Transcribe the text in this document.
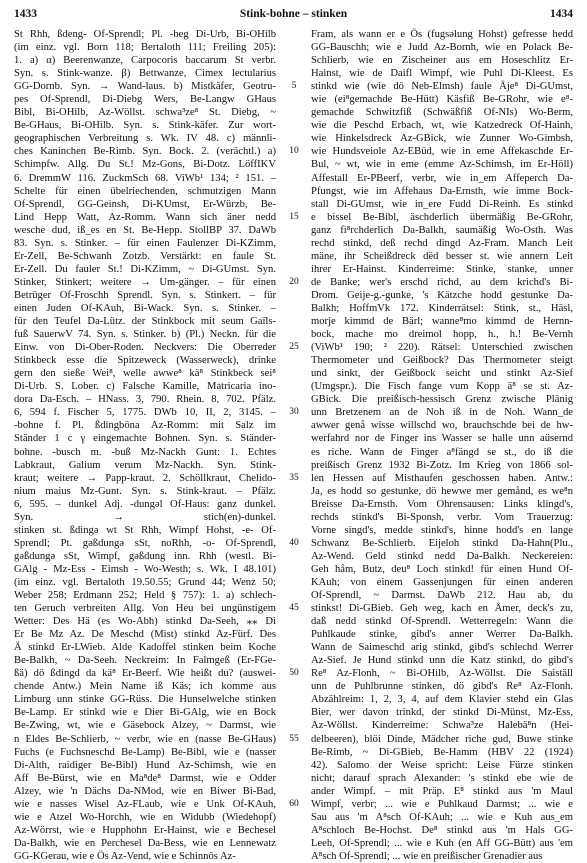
1433	Stink-bohne – stinken	1434
St Rhh, ßdeng- Of-Sprendl; Pl. -beg Di-Urb, Bi-OHilb
(im einz. vgl. Born 118; Bertaloth 111; Freiling 205):
1. a) α) Beerenwanze, Carpocoris baccarum St verbr.
Syn. s. Stink-wanze. β) Bettwanze, Cimex lectularius
GG-Dornb. Syn. → Wand-laus. b) Mistkäfer, Geotru-
pes Of-Sprendl, Di-Diebg Wers, Be-Langw GHaus
Bibl, Bi-OHilb, Az-Wöllst. schwa³ze⁸ St. Diebg, ~
Be-GHaus, Bi-OHilb. Syn. s. Stink-käfer. Zur wort-
geographischen Verbreitung s. Wk. IV 48. c) männli-
ches Kaninchen Be-Rimb. Syn. Bock. 2. (verächtl.) a)
Schimpfw. Allg. Du St.! Mz-Gons, Bi-Dotz. LöffIKV
6. DremmW 116. ZuckmSch 68. ViWb¹ 134; ² 151. –
Schelte für einen übelriechenden, schmutzigen Mann
Of-Sprendl, GG-Geinsh, Di-KUmst, Er-Würzb, Be-
Lind Hepp Watt, Az-Romm. Wann sich äner nedd
wesche dud, iß_es en St. Be-Hepp. StollBP 37. DaWb
83. Syn. s. Stinker. – für einen Faulenzer Di-KZimm,
Er-Zell, Be-Schwanh Zotzb. Verstärkt: en faule St.
Er-Zell. Du fauler St.! Di-KZimm, ~ Di-GUmst. Syn.
Stinker, Stinkert; weitere → Um-gänger. – für einen
Betrüger Of-Froschh Sprendl. Syn. s. Stinkert. – für
einen Juden Of-KAuh, Bi-Wack. Syn. s. Stinker. –
für den Teufel Da-Lütz. der Stinkbock mit seum Gaïls-
fuß SauerwV 74. Syn. s. Stinker. b) (Pl.) Neckn. für die
Einw. von Di-Ober-Roden. Neckvers: Die Oberreder
Stinkbeck esse die Spitzeweck (Wasserweck), drinke
gern den sieße Wei⁸, welle awwe⁸ kä⁸ Stinkbeck sei⁸
Di-Urb. S. Lober. c) Falsche Kamille, Matricaria ino-
dora Da-Esch. – HNass. 3, 790. Rhein. 8, 702. Pfälz.
6, 594 f. Fischer 5, 1775. DWb 10, II, 2, 3145. –
-bohne f. Pl. ßdingbönа Az-Romm: mit Salz im
Ständer 1 c γ eingemachte Bohnen. Syn. s. Ständer-
bohne. -busch m. -buß Mz-Nackh Gunt: 1. Echtes
Labkraut, Galium verum Mz-Nackh. Syn. Stink-
kraut; weitere → Papp-kraut. 2. Schöllkraut, Chelido-
nium maius Mz-Gunt. Syn. s. Stink-kraut. – Pfälz.
6, 595. – dunkel Adj. -dungəl Of-Haus: ganz dunkel.
Syn. → stich(en)-dunkel.
stinken st. ßdingə wt St Rhh, Wimpf Hohst, -e- Of-
Sprendl; Pt. gəßdungə sSt, noRhh, -o- Of-Sprendl,
gəßdungə sSt, Wimpf, gəßdung inn. Rhh (westl. Bi-
GAlg - Mz-Ess - Eimsh - Wo-Westh; s. Wk. I 48.101)
(im einz. vgl. Bertaloth 19.50.55; Grund 44; Wenz 50;
Weber 258; Erdmann 252; Held § 757): 1. a) schlech-
ten Geruch verbreiten Allg. Von Heu bei ungünstigem
Wetter: Des Hä (es Wo-Abh) stinkd Da-Seeh, ⁎⁎ Di
Er Be Mz Az. De Meschd (Mist) stinkd Az-Fürf. Des
Ä stinkd Er-LWieb. Alde Kadoffel stinken beim Koche
Be-Balkh, ~ Da-Seeh. Neckreim: In Falmgeß (Er-FGe-
ßä) dö ßdingd da kä⁸ Er-Beerf. Wie heißt du? (auswei-
chende Antw.) Mein Name iß Käs; ich komme aus
Limburg unn stinke GG-Rüss. Die Hunselwelche stinken
Be-Lamp. Er stinkd wie e Dier Bi-GAlg, wie en Bock
Be-Zwing, wt, wie e Gäsebock Alzey, ~ Darmst, wie
n Eldes Be-Schlierb, ~ verbr, wie en (nasse Be-GHaus)
Fuchs (e Fuchsneschd Be-Lamp) Be-Bibl, wie e (nasser
Di-Alth, raidiger Be-Bibl) Hund Az-Schimsh, wie en
Aff Be-Bürst, wie en Ma⁸de⁸ Darmst, wie e Odder
Alzey, wie 'n Dächs Da-NMod, wie en Biwer Bi-Bad,
wie e nasses Wisel Az-FLaub, wie e Unk Of-KAuh,
wie e Atzel Wo-Horchh, wie en Widubb (Wiedehopf)
Az-Wörrst, wie e Hupphohn Er-Hainst, wie e Bechesel
Da-Balkh, wie en Perchesel Da-Bess, wie en Lennewatz
GG-KGerau, wie e Ös Az-Vend, wie e Schinnös Az-
5
10
15
20
25
30
35
40
45
50
55
60
Fram, als wann er e Ös (fugsəlung Hohst) gefresse hedd
GG-Bauschh; wie e Judd Az-Bornh, wie en Polack Be-
Schlierb, wie en Zischeiner aus em Hoseschlitz Er-
Hainst, wie de Daifl Wimpf, wie Puhl Di-Kleest. Es
stinkd wie (wie dö Neb-Elmsh) faule Äje⁸ Di-GUmst,
wie (ei⁸gemachde Be-Hütt) Käsfiß Be-GRohr, wie e⁸-
gemachde Schwitzfiß (Schwäßfiß Of-NIs) Wo-Berm,
wie die Peschd Erbach, wt, wie Katzedreck Of-Hainh,
wie Hinkelsdreck Az-GBick, wie Zunner Wo-Gimbsh,
wie Hundsveiole Az-EBüd, wie in eme Affekaschde Er-
Bul, ~ wt, wie in eme (emme Az-Schimsh, im Er-Höll)
Affestall Er-PBeerf, verbr, wie in_em Affeperch Da-
Pfungst, wie im Affehaus Da-Ernsth, wie imme Bock-
stall Di-GUmst, wie in_ere Fudd Di-Reinh. Es stinkd
e bissel Be-Bibl, äschderlich übermäßig Be-GRohr,
ganz fi⁸rchderlich Da-Balkh, saumäßig Wo-Osth. Was
rechd stinkd, deß rechd dingd Az-Fram. Manch Leit
mäne, ihr Scheißdreck dëd besser st. wie annern Leit
ihrer Er-Hainst. Kinderreime: Stinke, stanke, unner
de Banke; wer's erschd richd, au dem krichd's Bi-
Drom. Geije-g.-gunke, 's Kätzche hodd gestunke Da-
Balkh; HoffmVk 172. Kinderrätsel: Stink, st., Häsl,
morje kimmd de Bärl; wanne⁸mo kimmd de Hernn-
bock, mache mo dreimol hopp, h., h.! Be-Vernh
(ViWb¹ 190; ² 220). Rätsel: Unterschied zwischen
Thermometer und Geißbock? Das Thermometer steigt
und sinkt, der Geißbock seicht und stinkt Az-Sief
(Umgspr.). Die Fisch fange vum Kopp ä⁸ se st. Az-
GBick. Die preißisch-hessisch Grenz zwische Plänig
unn Bretzenem an de Noh iß in de Noh. Wann_de
awwer genå wisse willschd wo, brauchschde bei de hw-
werfahrd nor de Finger ins Wasser se halle unn aüsernd
es riche. Wann de Finger a⁸fängd se st., do iß die
preißisch Grenz 1932 Bi-Zotz. Im Krieg von 1866 sol-
len Hessen auf Misthaufen geschossen haben. Antw.:
Ja, es hodd so gestunke, dö hewwe mer gemånd, es we⁸n
Breisse Da-Ernsth. Vom Ohrensausen: Links klingd's,
rechds stinkd's Bi-Sponsh, verbr. Vom Trauerzug:
Vorne singd's, medde stinkd's, hinne hodd's en lange
Schwanz Be-Schlierb. Eijeloh stinkd Da-Hahn(Plu.,
Az-Wend. Geld stinkd nedd Da-Balkh. Neckereien:
Geh håm, Butz, deu⁸ Loch stinkd! für einen Hund Of-
KAuh; von einem Gassenjungen für einen anderen
Of-Sprendl, ~ Darmst. DaWb 212. Hau ab, du
stinkst! Di-GBieb. Geh weg, kach en Åmer, deck's zu,
daß nedd stinkd Of-Sprendl. Wetterregeln: Wann die
Puhlkaude stinke, gibd's anner Werrer Da-Balkh.
Wann de Saimeschd arig stinkd, gibd's schlechd Werrer
Az-Sief. Je Hund stinkd unn die Katz stinkd, do gibd's
Re⁸ Az-Flonh, ~ Bi-OHilb, Az-Wöllst. Die Saiställ
unn de Puhlbrunne stinken, dö gibd's Re⁸ Az-Flonh.
Abzählreim: 1, 2, 3, 4, auf dem Klavier stehd ein Glas
Bier, wer davon trinkd, der stinkd Di-Münst, Mz-Ess,
Az-Wöllst. Kinderreime: Schwa³ze Halebä⁸n (Hei-
delbeeren), blöi Dinde, Mädcher riche gud, Buwe stinke
Be-Rimb, ~ Di-GBieb, Be-Hamm (HBV 22 (1924)
42). Salomo der Weise spricht: Leise Fürze stinken
nicht; darauf sprach Alexander: 's stinkd ebe wie de
ander Wimpf. – mit Präp. E⁸ stinkd aus 'm Maul
Wimpf, verbr; ... wie e Puhlkaud Darmst; ... wie e
Sau aus 'm A⁸sch Of-KAuh; ... wie e Kuh aus_em
A⁸schloch Be-Hochst. De⁸ stinkd aus 'm Hals GG-
Leeh, Of-Sprendl; ... wie e Kuh (en Aff GG-Bütt) aus 'em
A⁸sch Of-Sprendl; ... wie en preißischer Grenadier aus
